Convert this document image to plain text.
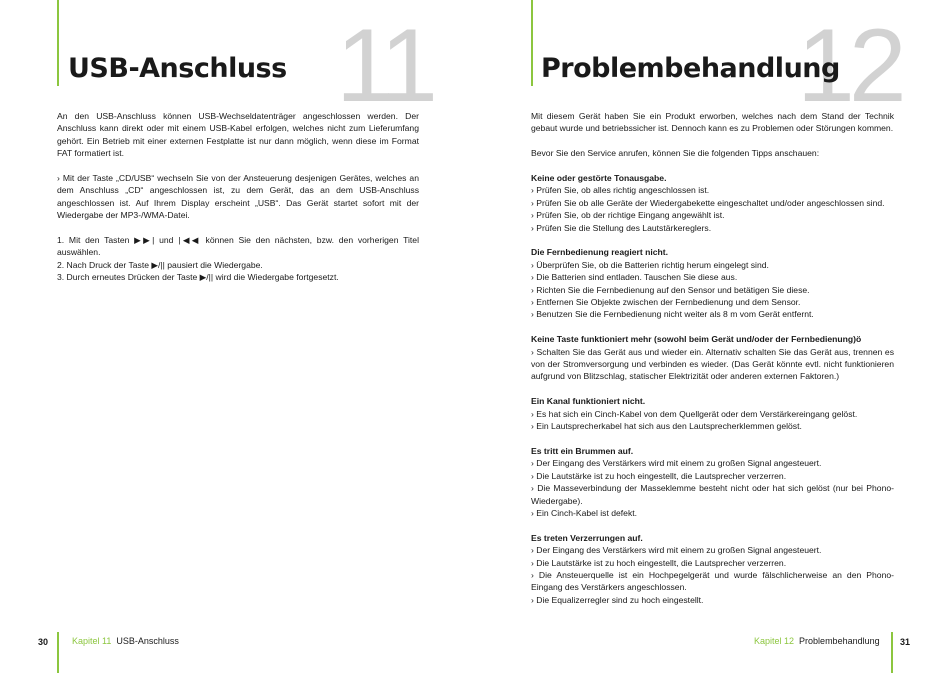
11
USB-Anschluss

An den USB-Anschluss können USB-Wechseldatenträger angeschlossen werden. Der Anschluss kann direkt oder mit einem USB-Kabel erfolgen, welches nicht zum Lieferumfang gehört. Ein Betrieb mit einer externen Festplatte ist nur dann möglich, wenn diese im Format FAT formatiert ist.

› Mit der Taste „CD/USB“ wechseln Sie von der Ansteuerung desjenigen Gerätes, welches an dem Anschluss „CD“ angeschlossen ist, zu dem Gerät, das an dem USB-Anschluss angeschlossen ist. Auf Ihrem Display erscheint „USB“. Das Gerät startet sofort mit der Wiedergabe der MP3-/WMA-Datei.

1. Mit den Tasten ▶▶| und |◀◀ können Sie den nächsten, bzw. den vorherigen Titel auswählen.
2. Nach Druck der Taste ▶/|| pausiert die Wiedergabe.
3. Durch erneutes Drücken der Taste ▶/|| wird die Wiedergabe fortgesetzt.
30	Kapitel 11 USB-Anschluss
12
Problembehandlung

Mit diesem Gerät haben Sie ein Produkt erworben, welches nach dem Stand der Technik gebaut wurde und betriebssicher ist. Dennoch kann es zu Problemen oder Störungen kommen.

Bevor Sie den Service anrufen, können Sie die folgenden Tipps anschauen:

Keine oder gestörte Tonausgabe.
› Prüfen Sie, ob alles richtig angeschlossen ist.
› Prüfen Sie ob alle Geräte der Wiedergabekette eingeschaltet und/oder angeschlossen sind.
› Prüfen Sie, ob der richtige Eingang angewählt ist.
› Prüfen Sie die Stellung des Lautstärkereglers.
Die Fernbedienung reagiert nicht.
› Überprüfen Sie, ob die Batterien richtig herum eingelegt sind.
› Die Batterien sind entladen. Tauschen Sie diese aus.
› Richten Sie die Fernbedienung auf den Sensor und betätigen Sie diese.
› Entfernen Sie Objekte zwischen der Fernbedienung und dem Sensor.
› Benutzen Sie die Fernbedienung nicht weiter als 8 m vom Gerät entfernt.
Keine Taste funktioniert mehr (sowohl beim Gerät und/oder der Fernbedienung)ö
› Schalten Sie das Gerät aus und wieder ein. Alternativ schalten Sie das Gerät aus, trennen es von der Stromversorgung und verbinden es wieder. (Das Gerät könnte evtl. nicht funktionieren aufgrund von Blitzschlag, statischer Elektrizität oder anderen externen Faktoren.)
Ein Kanal funktioniert nicht.
› Es hat sich ein Cinch-Kabel von dem Quellgerät oder dem Verstärkereingang gelöst.
› Ein Lautsprecherkabel hat sich aus den Lautsprecherklemmen gelöst.
Es tritt ein Brummen auf.
› Der Eingang des Verstärkers wird mit einem zu großen Signal angesteuert.
› Die Lautstärke ist zu hoch eingestellt, die Lautsprecher verzerren.
› Die Masseverbindung der Masseklemme besteht nicht oder hat sich gelöst (nur bei Phono-Wiedergabe).
› Ein Cinch-Kabel ist defekt.
Es treten Verzerrungen auf.
› Der Eingang des Verstärkers wird mit einem zu großen Signal angesteuert.
› Die Lautstärke ist zu hoch eingestellt, die Lautsprecher verzerren.
› Die Ansteuerquelle ist ein Hochpegelgerät und wurde fälschlicherweise an den Phono-Eingang des Verstärkers angeschlossen.
› Die Equalizerregler sind zu hoch eingestellt.
Kapitel 12 Problembehandlung 31
